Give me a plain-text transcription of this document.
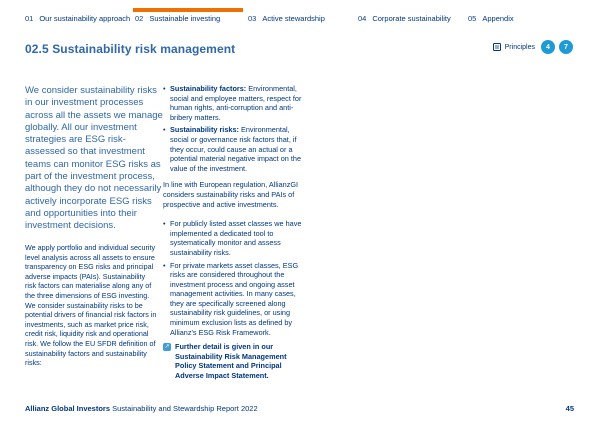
01 Our sustainability approach 02 Sustainable investing	03 Active stewardship	04 Corporate sustainability 05 Appendix
02.5 Sustainability risk management	Principles	4	7

We consider sustainability risks in our investment processes across all the assets we manage globally. All our investment strategies are ESG risk-assessed so that investment teams can monitor ESG risks as part of the investment process, although they do not necessarily actively incorporate ESG risks and opportunities into their investment decisions.

We apply portfolio and individual security level analysis across all assets to ensure transparency on ESG risks and principal adverse impacts (PAIs). Sustainability risk factors can materialise along any of the three dimensions of ESG investing. We consider sustainability risks to be potential drivers of financial risk factors in investments, such as market price risk, credit risk, liquidity risk and operational risk. We follow the EU SFDR definition of sustainability factors and sustainability risks:

• Sustainability factors: Environmental, social and employee matters, respect for human rights, anti-corruption and anti-bribery matters.
• Sustainability risks: Environmental, social or governance risk factors that, if they occur, could cause an actual or a potential material negative impact on the value of the investment.

In line with European regulation, AllianzGI considers sustainability risks and PAIs of prospective and active investments.

• For publicly listed asset classes we have implemented a dedicated tool to systematically monitor and assess sustainability risks.
• For private markets asset classes, ESG risks are considered throughout the investment process and ongoing asset management activities. In many cases, they are specifically screened along sustainability risk guidelines, or using minimum exclusion lists as defined by Allianz's ESG Risk Framework.
↗ Further detail is given in our Sustainability Risk Management Policy Statement and Principal Adverse Impact Statement.
Allianz Global Investors Sustainability and Stewardship Report 2022	45
